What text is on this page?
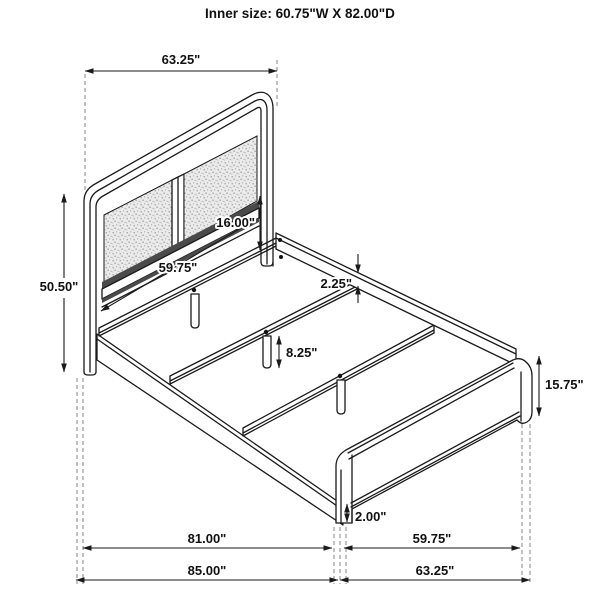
63.25"
50.50"
59.75"
16.00"
2.25"
8.25"
15.75"
2.00"
81.00"	59.75"
85.00"	63.25"
Inner size: 60.75"W X 82.00"D
